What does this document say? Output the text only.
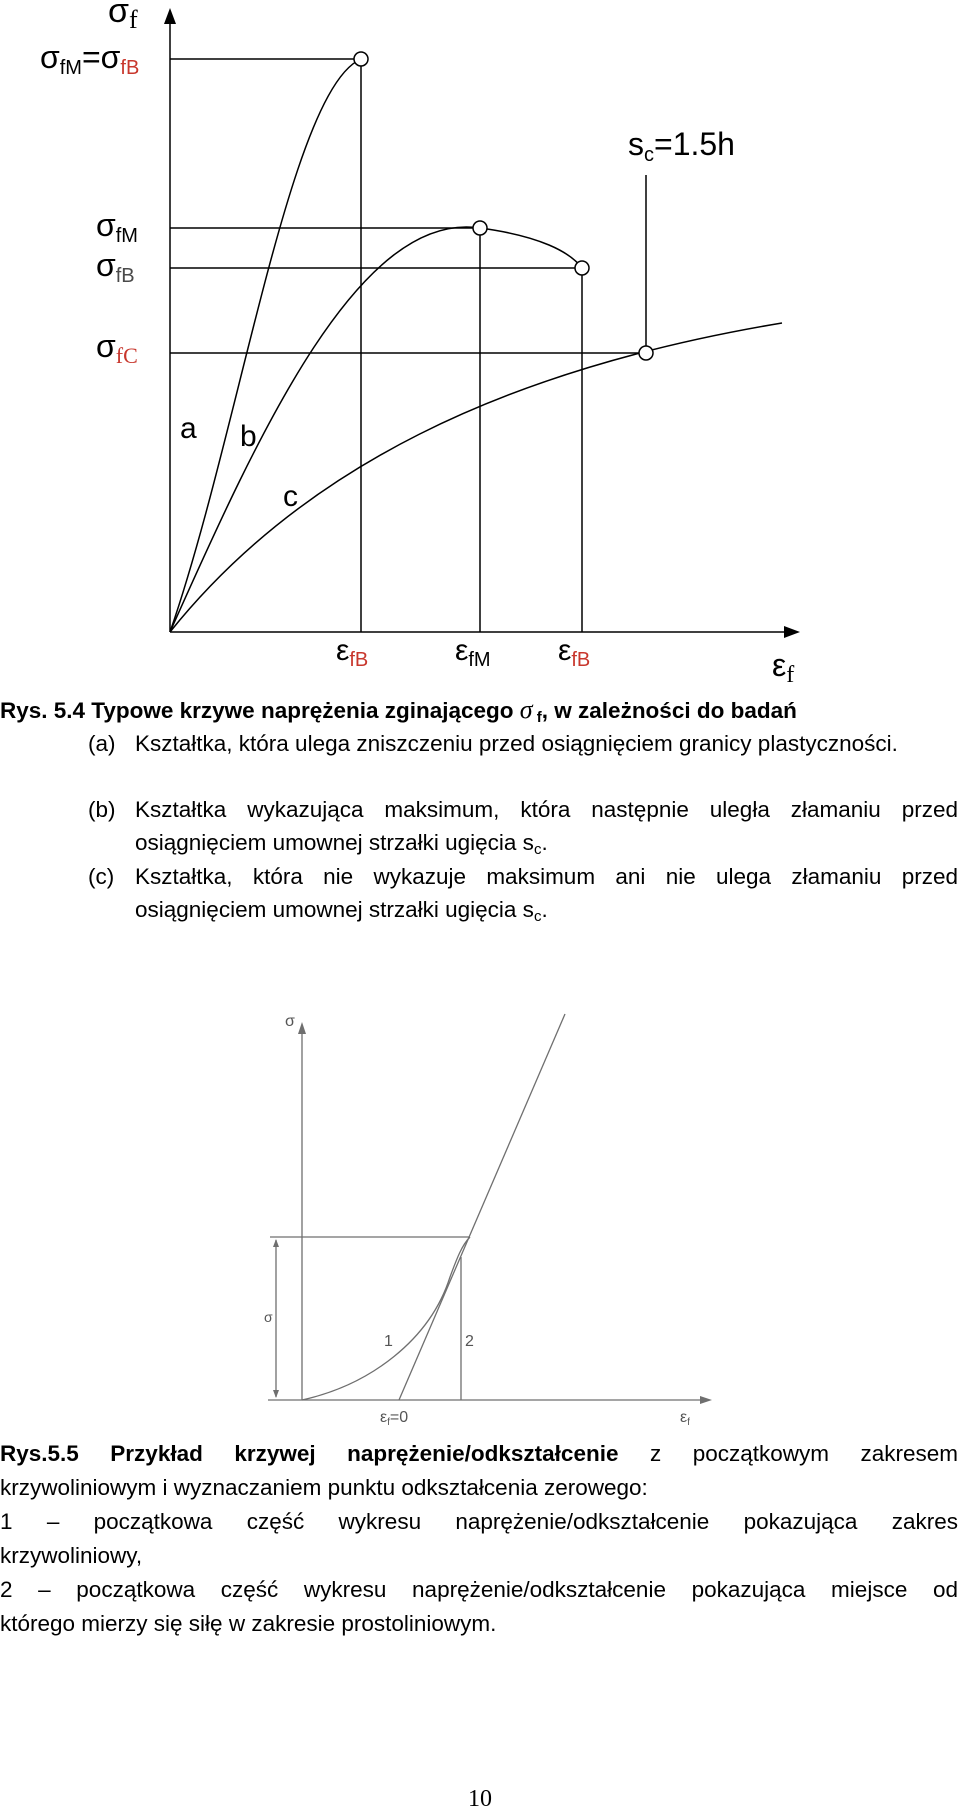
σf
σfM=σfB
σfM
σfB
σfC
a b
c
sc=1.5h
$\varepsilon_{fB}$	$\varepsilon_{fM}$ $\varepsilon_{fB}$	εf
Rys. 5.4 Typowe krzywe naprężenia zginającego σ $_f$, w zależności do badań
(a) Kształtka, która ulega zniszczeniu przed osiągnięciem granicy plastyczności.
(b) Kształtka wykazująca maksimum, która następnie uległa złamaniu przed osiągnięciem umownej strzałki ugięcia $s_c$.
(c) Kształtka, która nie wykazuje maksimum ani nie ulega złamaniu przed osiągnięciem umownej strzałki ugięcia $s_c$.
σ
σ
1	2
εf=0	εf
Rys.5.5 Przykład krzywej naprężenie/odkształcenie z początkowym zakresem
krzywoliniowym i wyznaczaniem punktu odkształcenia zerowego:
1 – początkowa część wykresu naprężenie/odkształcenie pokazująca zakres
krzywoliniowy,
2 – początkowa część wykresu naprężenie/odkształcenie pokazująca miejsce od
którego mierzy się siłę w zakresie prostoliniowym.
10
